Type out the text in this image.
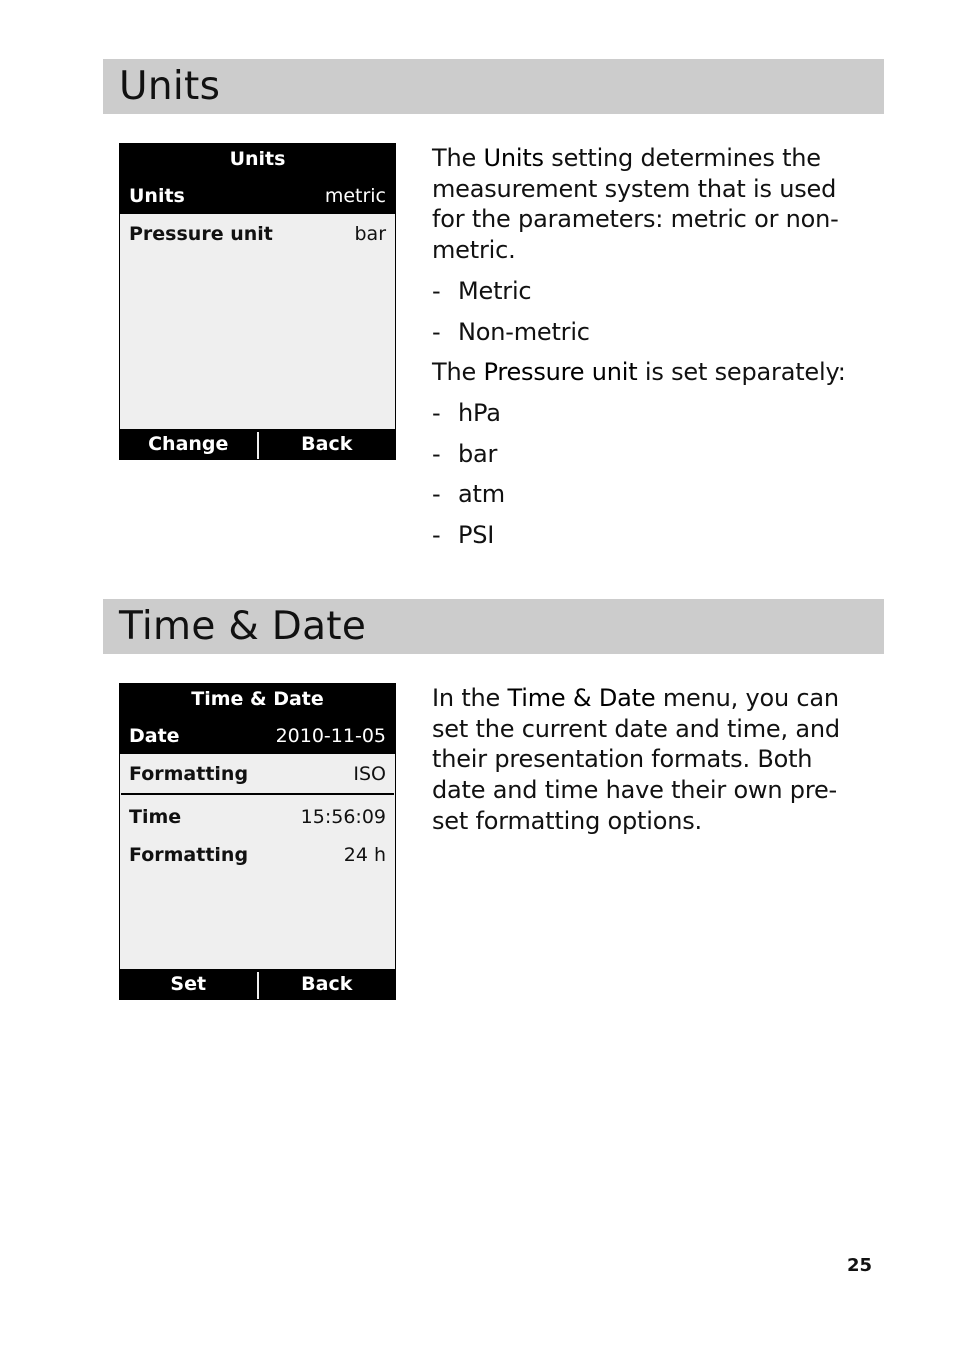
Units
Units
Units	metric
Pressure unit	bar
Change	Back

The Units setting determines the measurement system that is used for the parameters: metric or non-metric.

- Metric
- Non-metric

The Pressure unit is set separately:

- hPa
- bar
- atm
- PSI
Time & Date
Time & Date
Date	2010-11-05
Formatting	ISO
Time	15:56:09
Formatting	24 h
Set	Back

In the Time & Date menu, you can set the current date and time, and their presentation formats. Both date and time have their own pre-set formatting options.

25
